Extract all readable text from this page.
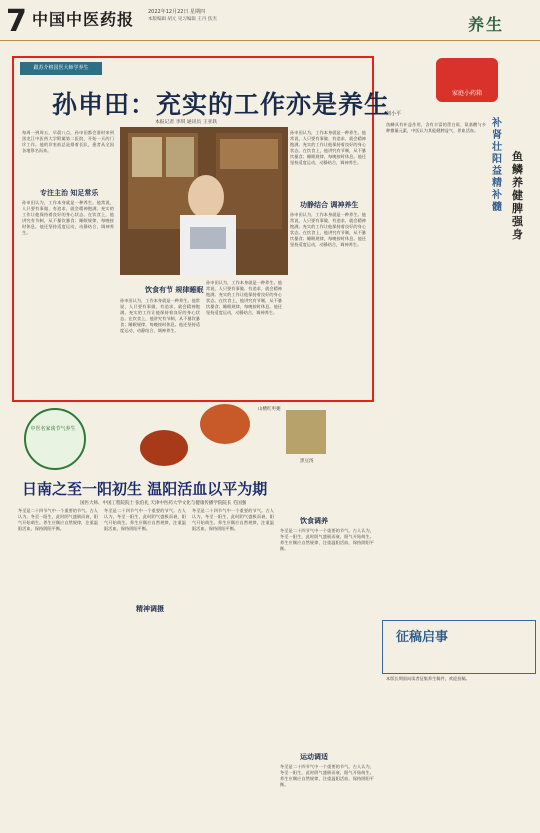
7 中国中医药报	2022年12月22日 星期四
本版编辑 胡元 见习编辑 王丹 焦杰	养生
跟苏介格国医大师学养生
孙申田：充实的工作亦是养生
本报记者 李琪 通讯员 王亚轶
专注主治 知足常乐
每周一到周五，早晨八点，孙申田都会准时来到黑龙江中医药大学附属第二医院，开始一天的门诊工作。他的诊室前总是排着长队，患者从全国各地慕名而来。
孙申田认为，工作本身就是一种养生。他常说，人只要有事做、有追求，就会精神饱满。充实的工作让他保持着良好的身心状态。在饮食上，他讲究有节制，从不暴饮暴食；睡眠规律，每晚按时休息。他还坚持适度运动，动静结合，调神养生。
饮食有节 规律睡眠
孙申田认为，工作本身就是一种养生。他常说，人只要有事做、有追求，就会精神饱满。充实的工作让他保持着良好的身心状态。在饮食上，他讲究有节制，从不暴饮暴食；睡眠规律，每晚按时休息。他还坚持适度运动，动静结合，调神养生。
孙申田认为，工作本身就是一种养生。他常说，人只要有事做、有追求，就会精神饱满。充实的工作让他保持着良好的身心状态。在饮食上，他讲究有节制，从不暴饮暴食；睡眠规律，每晚按时休息。他还坚持适度运动，动静结合，调神养生。
功静结合 调神养生
孙申田认为，工作本身就是一种养生。他常说，人只要有事做、有追求，就会精神饱满。充实的工作让他保持着良好的身心状态。在饮食上，他讲究有节制，从不暴饮暴食；睡眠规律，每晚按时休息。他还坚持适度运动，动静结合，调神养生。
孙申田认为，工作本身就是一种养生。他常说，人只要有事做、有追求，就会精神饱满。充实的工作让他保持着良好的身心状态。在饮食上，他讲究有节制，从不暴饮暴食；睡眠规律，每晚按时休息。他还坚持适度运动，动静结合，调神养生。
家庭小药箱
刘小平
补肾壮阳 益精补髓
鱼鳞养 健脾强身
鱼鳞具有补益作用，含有丰富的蛋白质、氨基酸与多种微量元素，中医认为其能健脾益气、养血活血。
征稿启事
本版长期面向读者征集养生稿件，欢迎投稿。
中医名家谈节气养生
山楂红枣粥
黑豆汤
日南之至一阳初生 温阳活血以平为期
国医大师、中国工程院院士 张伯礼 天津中医药大学文化与健康传播学院院长 毛国强
冬至是二十四节气中一个重要的节气。古人认为，冬至一阳生，此时阴气盛极而衰，阳气开始萌生。养生应顺应自然规律，注重温阳活血，保持阴阳平衡。
精神调摄
冬至是二十四节气中一个重要的节气。古人认为，冬至一阳生，此时阴气盛极而衰，阳气开始萌生。养生应顺应自然规律，注重温阳活血，保持阴阳平衡。
冬至是二十四节气中一个重要的节气。古人认为，冬至一阳生，此时阴气盛极而衰，阳气开始萌生。养生应顺应自然规律，注重温阳活血，保持阴阳平衡。
饮食调养
运动调适
冬至是二十四节气中一个重要的节气。古人认为，冬至一阳生，此时阴气盛极而衰，阳气开始萌生。养生应顺应自然规律，注重温阳活血，保持阴阳平衡。
冬至是二十四节气中一个重要的节气。古人认为，冬至一阳生，此时阴气盛极而衰，阳气开始萌生。养生应顺应自然规律，注重温阳活血，保持阴阳平衡。
